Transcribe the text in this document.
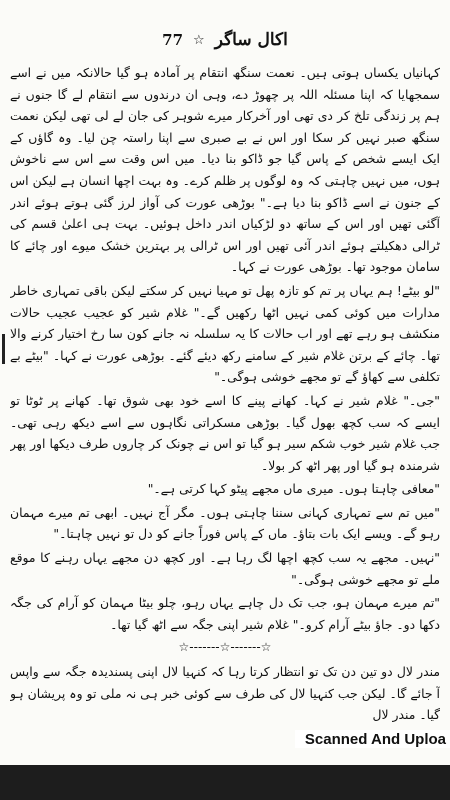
اکال ساگر
☆
77

کہانیاں یکساں ہوتی ہیں۔ نعمت سنگھ انتقام پر آمادہ ہو گیا حالانکہ میں نے اسے سمجھایا کہ اپنا مسئلہ اللہ پر چھوڑ دے، وہی ان درندوں سے انتقام لے گا جنوں نے ہم پر زندگی تلخ کر دی تھی اور آخرکار میرے شوہر کی جان لے لی تھی لیکن نعمت سنگھ صبر نہیں کر سکا اور اس نے بے صبری سے اپنا راستہ چن لیا۔ وہ گاؤں کے ایک ایسے شخص کے پاس گیا جو ڈاکو بنا دیا۔ میں اس وقت سے اس سے ناخوش ہوں، میں نہیں چاہتی کہ وہ لوگوں پر ظلم کرے۔ وہ بہت اچھا انسان ہے لیکن اس کے جنون نے اسے ڈاکو بنا دیا ہے۔" بوڑھی عورت کی آواز لرز گئی ہوتے ہوئے اندر آگئی تھیں اور اس کے ساتھ دو لڑکیاں اندر داخل ہوئیں۔ بہت ہی اعلیٰ قسم کی ٹرالی دھکیلتے ہوئے اندر آئی تھیں اور اس ٹرالی پر بہترین خشک میوے اور چائے کا سامان موجود تھا۔ بوڑھی عورت نے کہا۔

"لو بیٹے! ہم یہاں پر تم کو تازہ پھل تو مہیا نہیں کر سکتے لیکن باقی تمہاری خاطر مدارات میں کوئی کمی نہیں اٹھا رکھیں گے۔" غلام شیر کو عجیب عجیب حالات منکشف ہو رہے تھے اور اب حالات کا یہ سلسلہ نہ جانے کون سا رخ اختیار کرنے والا تھا۔ چائے کے برتن غلام شیر کے سامنے رکھ دیئے گئے۔ بوڑھی عورت نے کہا۔ "بیٹے بے تکلفی سے کھاؤ گے تو مجھے خوشی ہوگی۔"

"جی۔" غلام شیر نے کہا۔ کھانے پینے کا اسے خود بھی شوق تھا۔ کھانے پر ٹوٹا تو ایسے کہ سب کچھ بھول گیا۔ بوڑھی مسکراتی نگاہوں سے اسے دیکھ رہی تھی۔ جب غلام شیر خوب شکم سیر ہو گیا تو اس نے چونک کر چاروں طرف دیکھا اور پھر شرمندہ ہو گیا اور پھر اٹھ کر بولا۔

"معافی چاہتا ہوں۔ میری ماں مجھے پیٹو کہا کرتی ہے۔"

"میں تم سے تمہاری کہانی سننا چاہتی ہوں۔ مگر آج نہیں۔ ابھی تم میرے مہمان رہو گے۔ ویسے ایک بات بتاؤ۔ ماں کے پاس فوراً جانے کو دل تو نہیں چاہتا۔"

"نہیں۔ مجھے یہ سب کچھ اچھا لگ رہا ہے۔ اور کچھ دن مجھے یہاں رہنے کا موقع ملے تو مجھے خوشی ہوگی۔"

"تم میرے مہمان ہو، جب تک دل چاہے یہاں رہو، چلو بیٹا مہمان کو آرام کی جگہ دکھا دو۔ جاؤ بیٹے آرام کرو۔" غلام شیر اپنی جگہ سے اٹھ گیا تھا۔

☆-------☆-------☆

مندر لال دو تین دن تک تو انتظار کرتا رہا کہ کنہیا لال اپنی پسندیدہ جگہ سے واپس آ جائے گا۔ لیکن جب کنہیا لال کی طرف سے کوئی خبر ہی نہ ملی تو وہ پریشان ہو گیا۔ مندر لال

Scanned And Uploa
